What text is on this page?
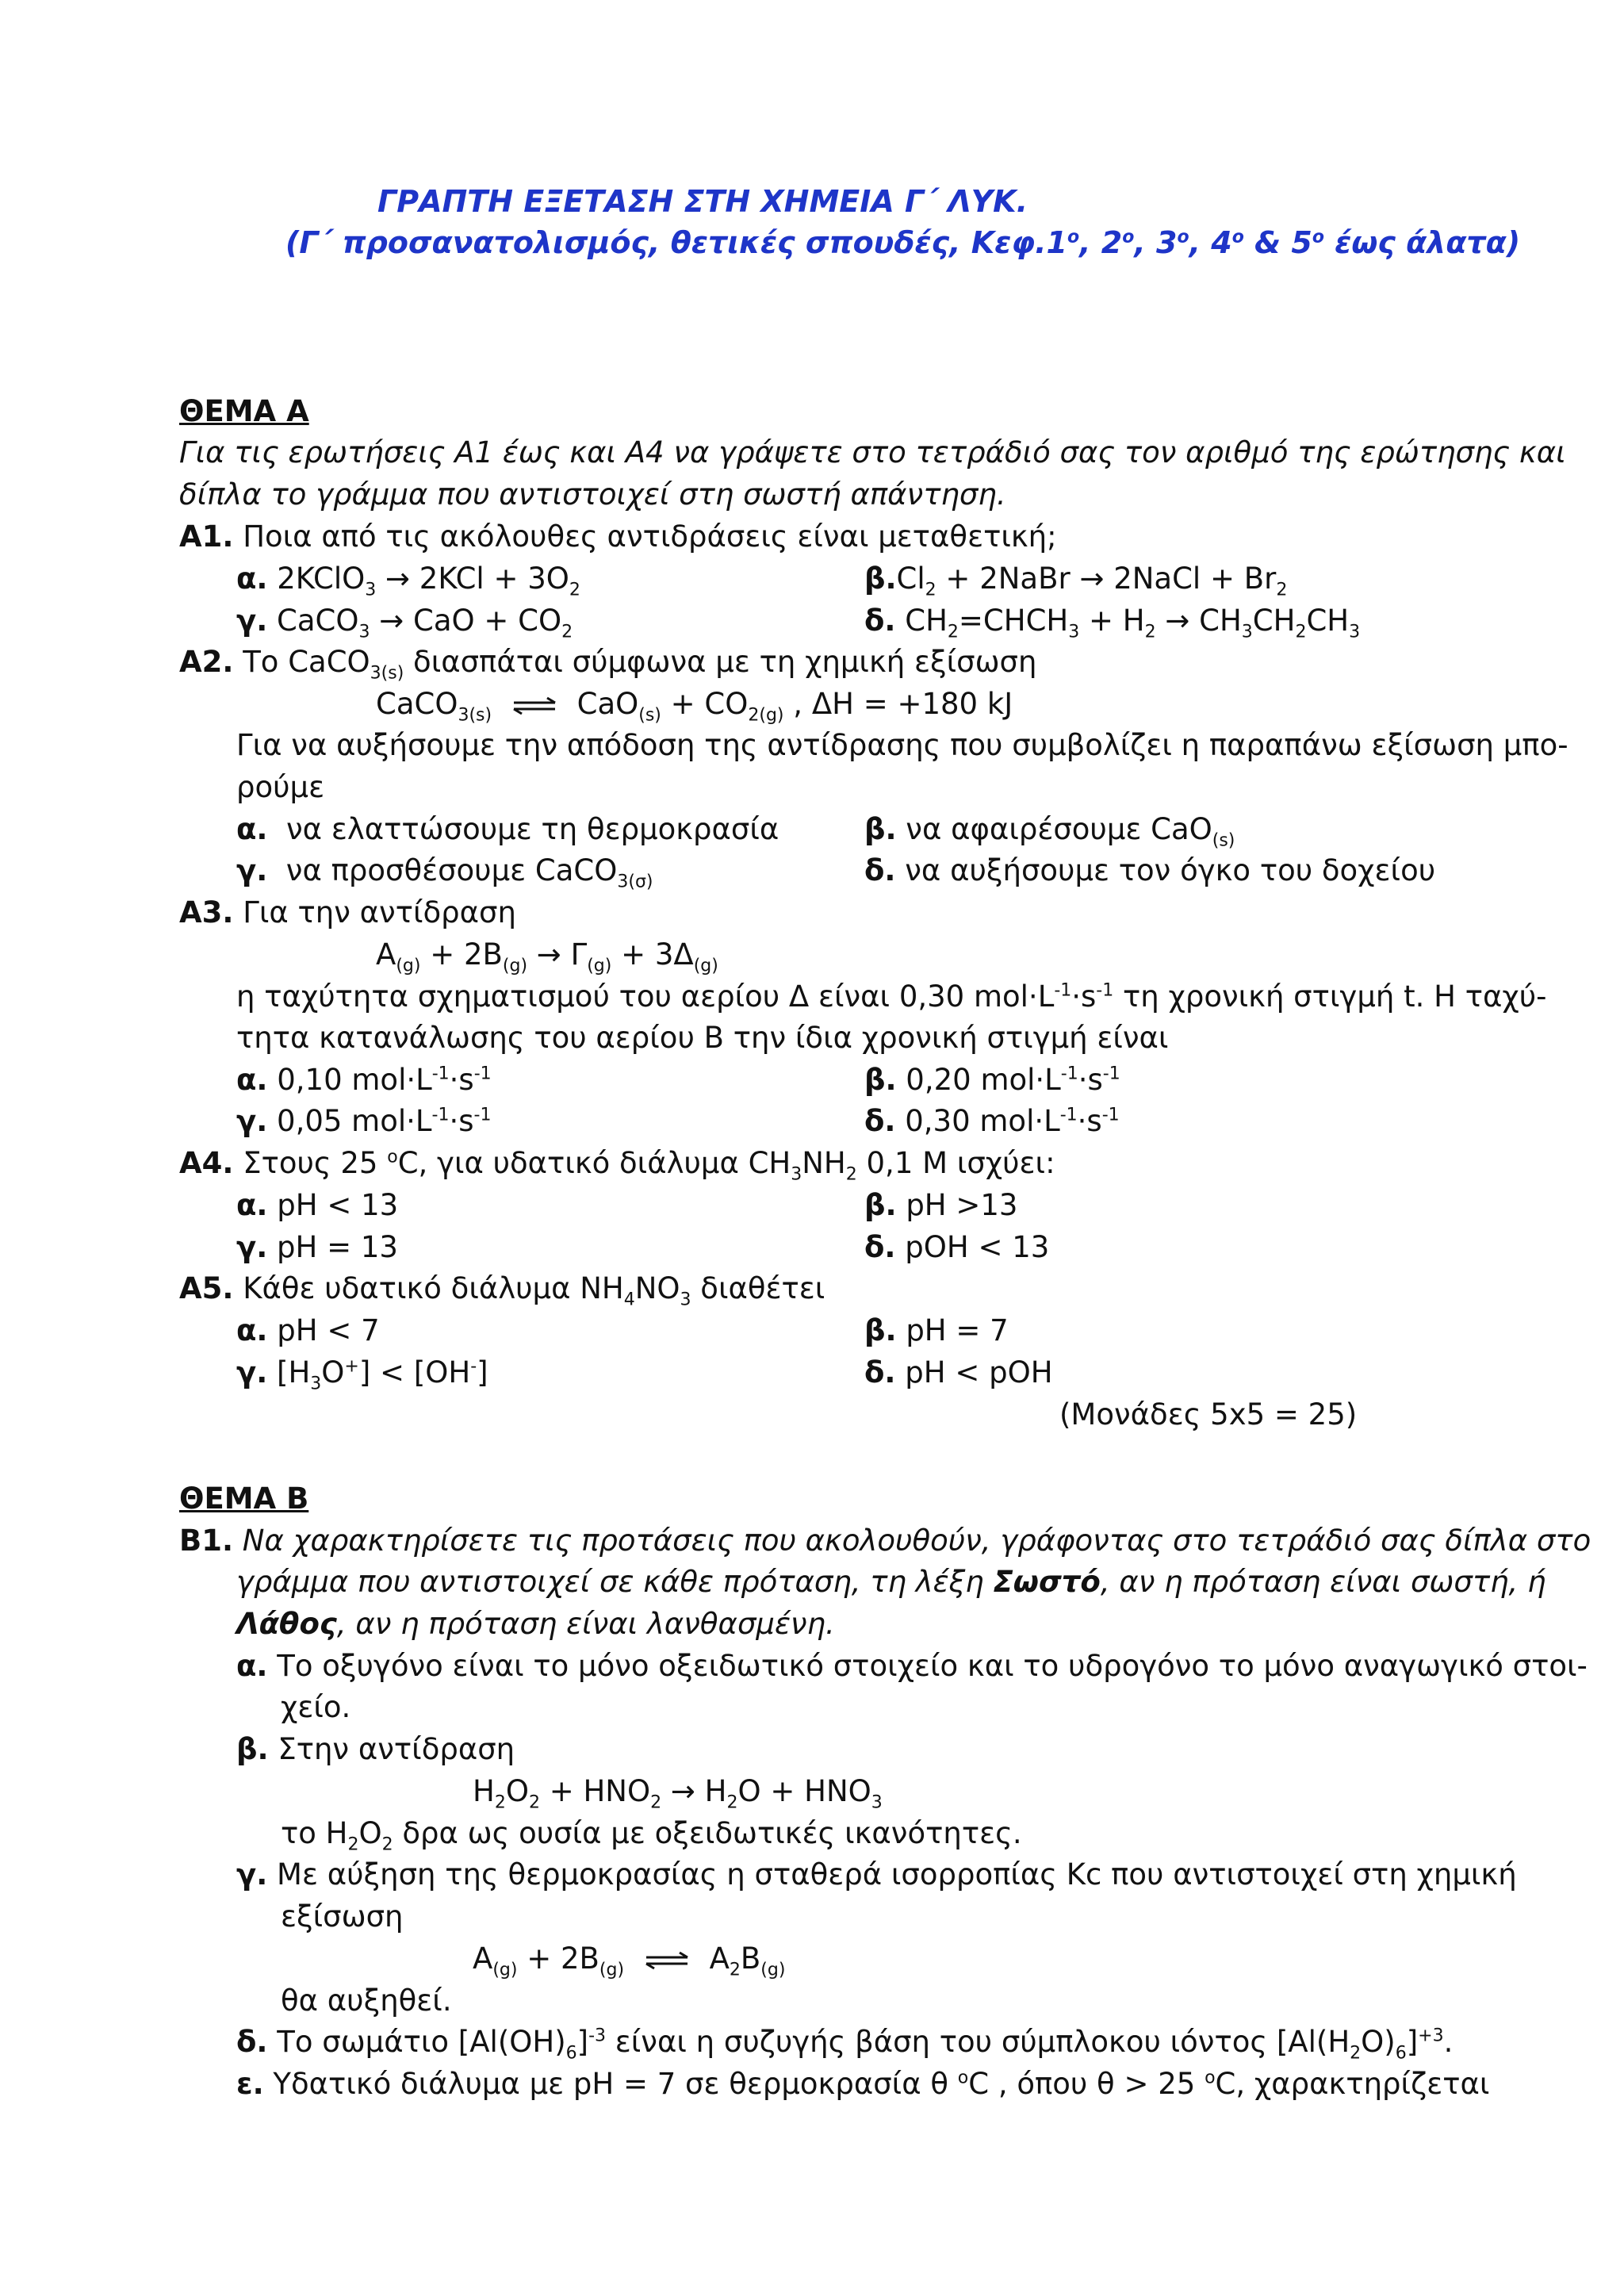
ΓΡΑΠΤΗ ΕΞΕΤΑΣΗ ΣΤΗ ΧΗΜΕΙΑ Γ΄ ΛΥΚ.
(Γ΄ προσανατολισμός, θετικές σπουδές, $K\varepsilon\varphi.1^o$, $2^o$, $3^o$, $4^o$ & $5^o$ έως άλατα)
ΘΕΜΑ Α
Για τις ερωτήσεις Α1 έως και Α4 να γράψετε στο τετράδιό σας τον αριθμό της ερώτησης και
δίπλα το γράμμα που αντιστοιχεί στη σωστή απάντηση.
Α1. Ποια από τις ακόλουθες αντιδράσεις είναι μεταθετική;
α. 2KClO$_3$ → $2KCl + 3O_2$	$\beta.Cl_2$ + 2NaBr → 2NaCl + $Br_2$
γ. CaCO$_3$ → CaO + $CO_2$	δ. $CH_2=CHCH_3 + H_2 \to CH_3CH_2CH_3$
Α2. Το CaCO$_{3(s)}$ διασπάται σύμφωνα με τη χημική εξίσωση
CaCO$_{3(s)}$ ⇌ $CaO_{(s)} + CO_{2(g)}$ , ΔH = +180 kJ
Για να αυξήσουμε την απόδοση της αντίδρασης που συμβολίζει η παραπάνω εξίσωση μπο-
ρούμε
α. να ελαττώσουμε τη θερμοκρασία	β. να αφαιρέσουμε CaO$_{(s)}$
γ.  να προσθέσουμε CaCO$_{3(\sigma)}$	δ. να αυξήσουμε τον όγκο του δοχείου
Α3. Για την αντίδραση
$A_{(g)} + 2B_{(g)} \to \Gamma_{(g)} + 3\Delta_{(g)}$
η ταχύτητα σχηματισμού του αερίου Δ είναι 0,30 $mol\cdot L^{-1}\cdot s^{-1}$ τη χρονική στιγμή t. Η ταχύ-
τητα κατανάλωσης του αερίου B την ίδια χρονική στιγμή είναι
α. 0,10 $mol\cdot L^{-1}\cdot s^{-1}$	β. 0,20 $mol\cdot L^{-1}\cdot s^{-1}$
γ. 0,05 $mol\cdot L^{-1}\cdot s^{-1}$	δ. 0,30 $mol\cdot L^{-1}\cdot s^{-1}$
Α4. Στους 25 $^o$C, για υδατικό διάλυμα $CH_3NH_2$ 0,1 M ισχύει:
α. pH < 13	β. pH >13
γ. pH = 13	δ. pOH < 13
Α5. Κάθε υδατικό διάλυμα $NH_4NO_3$ διαθέτει
α. pH < 7	β. pH = 7
γ. $[H_3O^+] < [OH^-]$	δ. pH < pOH
(Μονάδες 5x5 = 25)
ΘΕΜΑ Β
Β1. Να χαρακτηρίσετε τις προτάσεις που ακολουθούν, γράφοντας στο τετράδιό σας δίπλα στο
γράμμα που αντιστοιχεί σε κάθε πρόταση, τη λέξη Σωστό, αν η πρόταση είναι σωστή, ή
Λάθος, αν η πρόταση είναι λανθασμένη.
α. Το οξυγόνο είναι το μόνο οξειδωτικό στοιχείο και το υδρογόνο το μόνο αναγωγικό στοι-
χείο.
β. Στην αντίδραση
$H_2O_2 + HNO_2 \to H_2O + HNO_3$
το $H_2O_2$ δρα ως ουσία με οξειδωτικές ικανότητες.
γ. Με αύξηση της θερμοκρασίας η σταθερά ισορροπίας Kc που αντιστοιχεί στη χημική
εξίσωση
$A_{(g)} + 2B_{(g)}$ ⇌ $A_2B_{(g)}$
θα αυξηθεί.
δ. Το σωμάτιο $[Al(OH)_6]^{-3}$ είναι η συζυγής βάση του σύμπλοκου ιόντος $[Al(H_2O)_6]^{+3}$.
ε. Υδατικό διάλυμα με pH = 7 σε θερμοκρασία θ $^o$C , όπου θ > 25 $^o$C, χαρακτηρίζεται
